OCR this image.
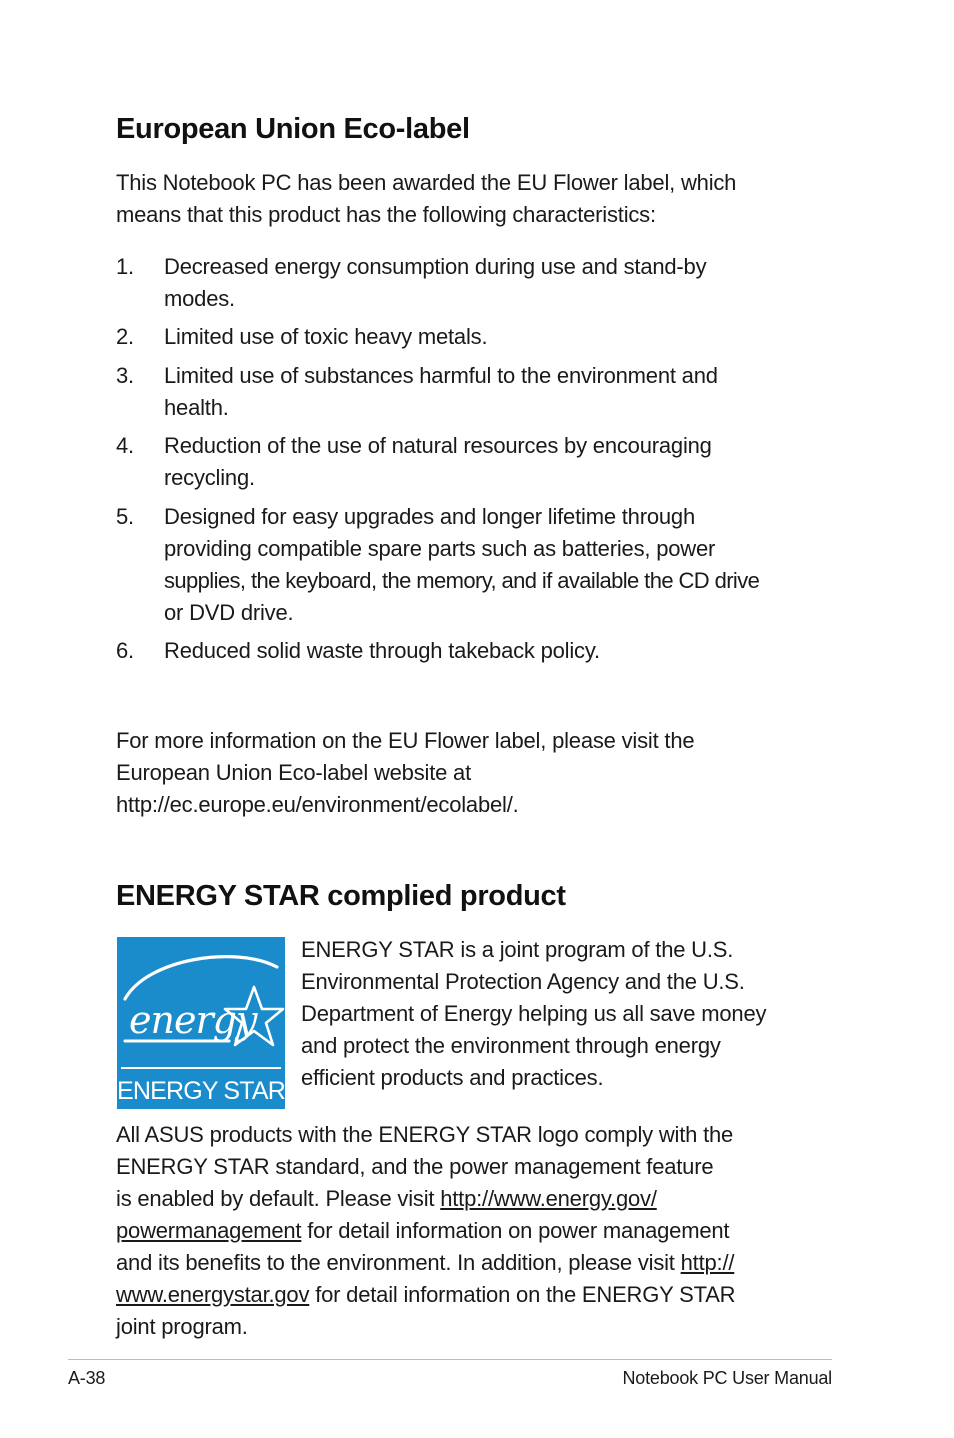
European Union Eco-label

This Notebook PC has been awarded the EU Flower label, which
means that this product has the following characteristics:

1. Decreased energy consumption during use and stand-by
modes.
2. Limited use of toxic heavy metals.
3. Limited use of substances harmful to the environment and
health.
4. Reduction of the use of natural resources by encouraging
recycling.
5. Designed for easy upgrades and longer lifetime through
providing compatible spare parts such as batteries, power
supplies, the keyboard, the memory, and if available the CD drive
or DVD drive.
6. Reduced solid waste through takeback policy.

For more information on the EU Flower label, please visit the
European Union Eco-label website at
http://ec.europe.eu/environment/ecolabel/.

ENERGY STAR complied product
energy
ENERGY STAR

ENERGY STAR is a joint program of the U.S.
Environmental Protection Agency and the U.S.
Department of Energy helping us all save money
and protect the environment through energy
efficient products and practices.

All ASUS products with the ENERGY STAR logo comply with the
ENERGY STAR standard, and the power management feature
is enabled by default. Please visit http://www.energy.gov/
powermanagement for detail information on power management
and its benefits to the environment. In addition, please visit http://
www.energystar.gov for detail information on the ENERGY STAR
joint program.

A-38	Notebook PC User Manual
